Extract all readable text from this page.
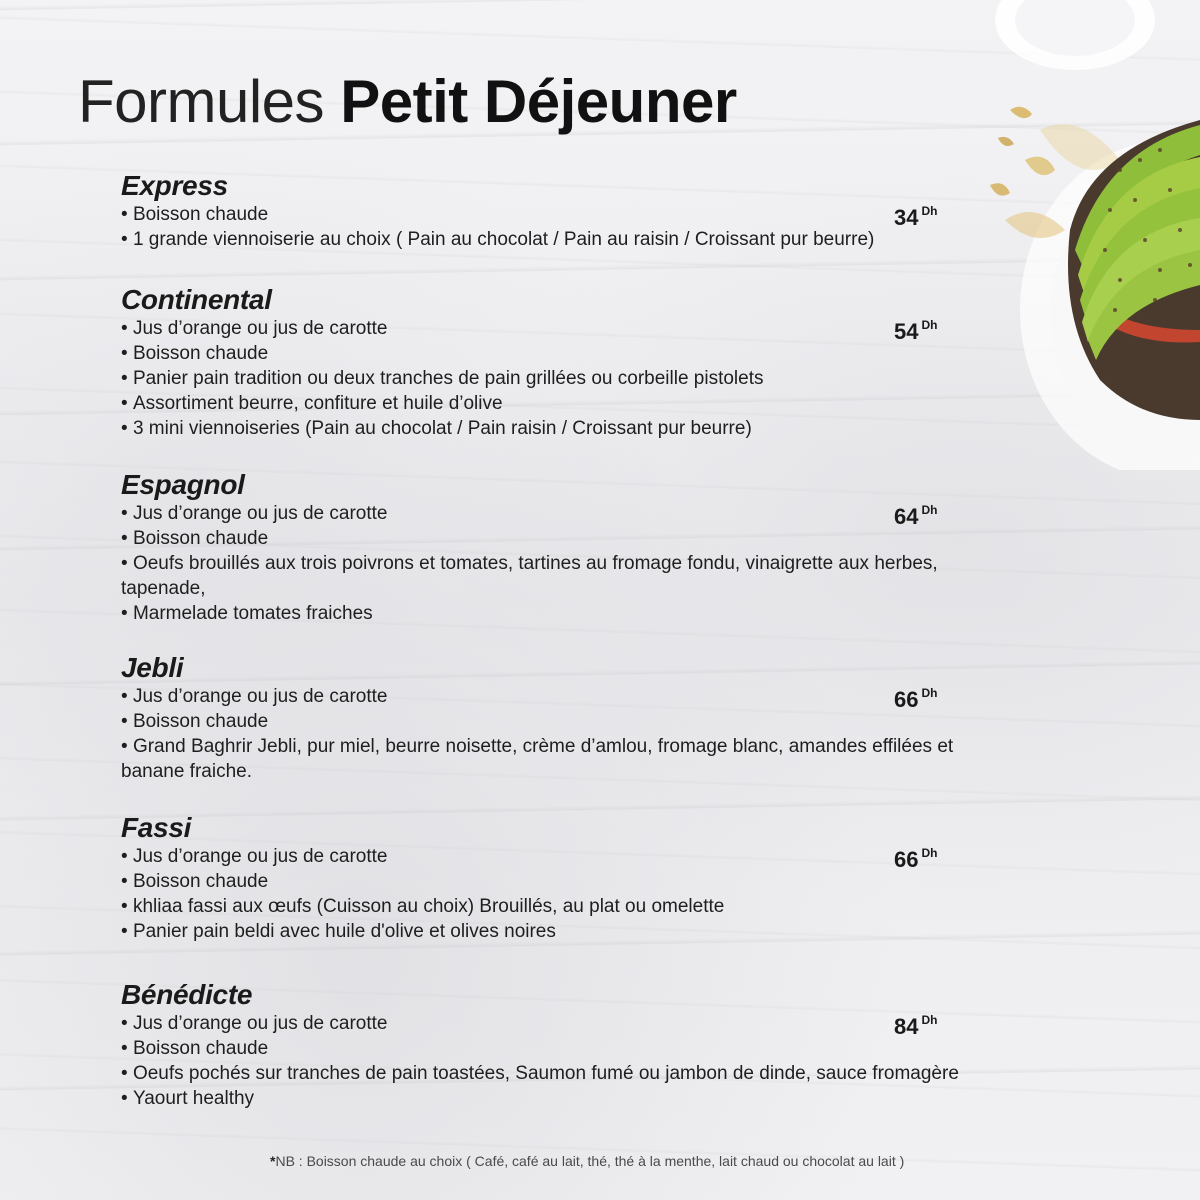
Formules Petit Déjeuner
Express
34 $^{Dh}$
• Boisson chaude
• 1 grande viennoiserie au choix ( Pain au chocolat / Pain au raisin / Croissant pur beurre)
Continental
54 $^{Dh}$
• Jus d’orange ou jus de carotte
• Boisson chaude
• Panier pain tradition ou deux tranches de pain grillées ou corbeille pistolets
• Assortiment beurre, confiture et huile d’olive
• 3 mini viennoiseries (Pain au chocolat / Pain raisin / Croissant pur beurre)
Espagnol
64 $^{Dh}$
• Jus d’orange ou jus de carotte
• Boisson chaude
• Oeufs brouillés aux trois poivrons et tomates, tartines au fromage fondu, vinaigrette aux herbes, tapenade,
• Marmelade tomates fraiches
Jebli
66 $^{Dh}$
• Jus d’orange ou jus de carotte
• Boisson chaude
• Grand Baghrir Jebli, pur miel, beurre noisette, crème d’amlou, fromage blanc, amandes effilées et banane fraiche.
Fassi
66 $^{Dh}$
• Jus d’orange ou jus de carotte
• Boisson chaude
• khliaa fassi aux œufs (Cuisson au choix) Brouillés, au plat ou omelette
• Panier pain beldi avec huile d'olive et olives noires
Bénédicte
84 $^{Dh}$
• Jus d’orange ou jus de carotte
• Boisson chaude
• Oeufs pochés sur tranches de pain toastées, Saumon fumé ou jambon de dinde, sauce fromagère
• Yaourt healthy
*NB : Boisson chaude au choix ( Café, café au lait, thé, thé à la menthe, lait chaud ou chocolat au lait )
